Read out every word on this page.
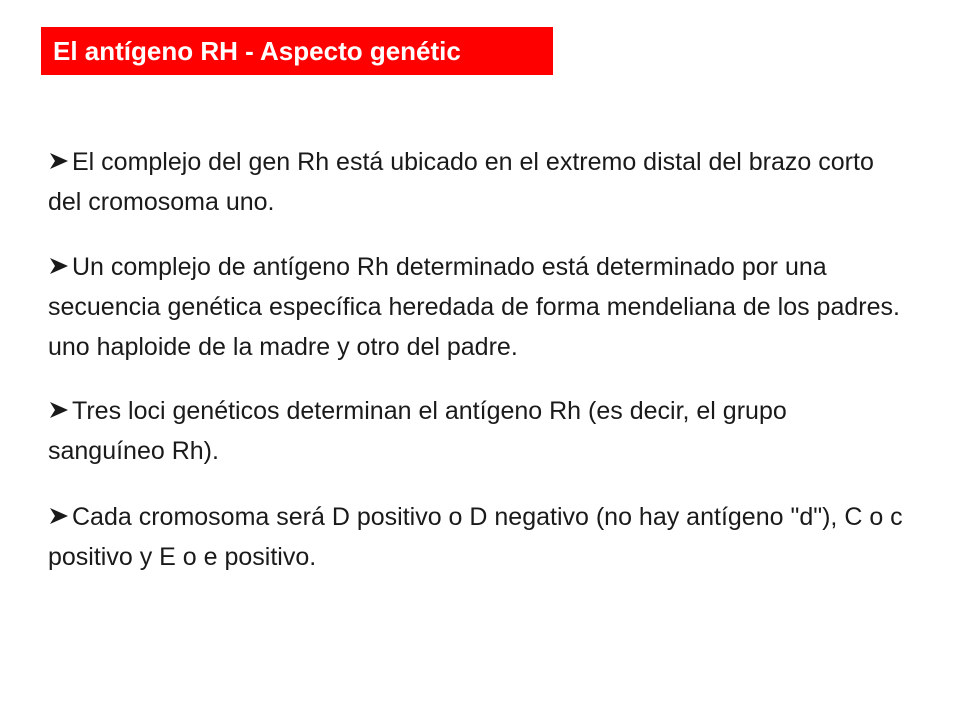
El antígeno RH - Aspecto genétic

El complejo del gen Rh está ubicado en el extremo distal del brazo corto del cromosoma uno.

Un complejo de antígeno Rh determinado está determinado por una secuencia genética específica heredada de forma mendeliana de los padres. uno haploide de la madre y otro del padre.

Tres loci genéticos determinan el antígeno Rh (es decir, el grupo sanguíneo Rh).

Cada cromosoma será D positivo o D negativo (no hay antígeno "d"), C o c positivo y E o e positivo.
